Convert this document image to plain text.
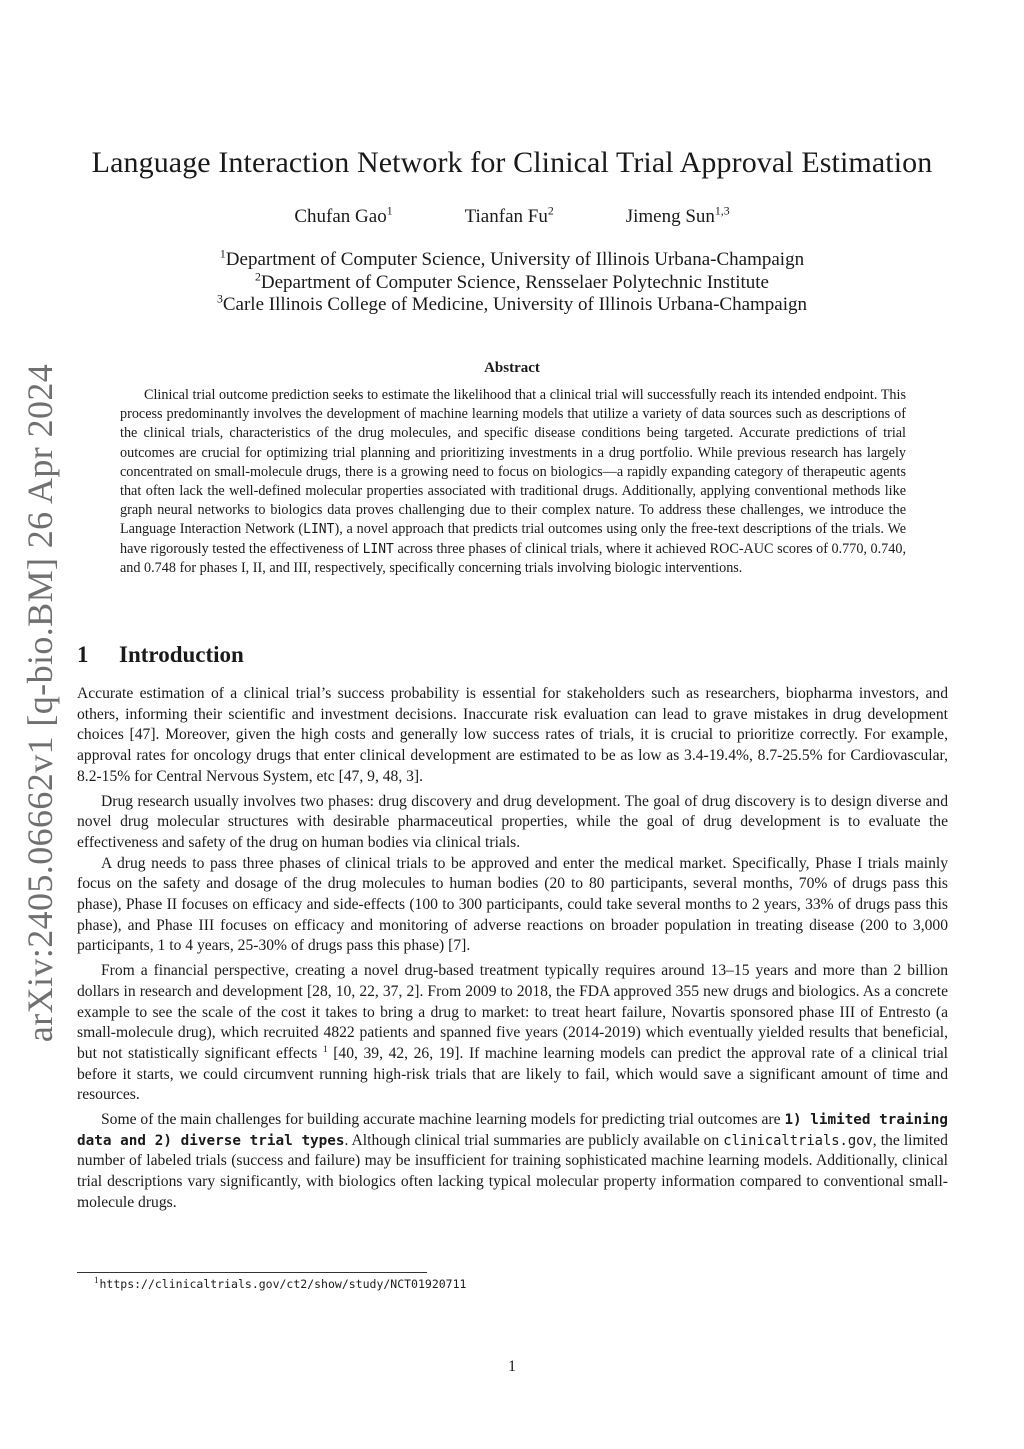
arXiv:2405.06662v1 [q-bio.BM] 26 Apr 2024
Language Interaction Network for Clinical Trial Approval Estimation
Chufan Gao$^1$	Tianfan Fu$^2$	Jimeng Sun$^{1,3}$
$^1$Department of Computer Science, University of Illinois Urbana-Champaign
$^2$Department of Computer Science, Rensselaer Polytechnic Institute
$^3$Carle Illinois College of Medicine, University of Illinois Urbana-Champaign
Abstract

Clinical trial outcome prediction seeks to estimate the likelihood that a clinical trial will successfully reach its intended endpoint. This process predominantly involves the development of machine learning models that utilize a variety of data sources such as descriptions of the clinical trials, characteristics of the drug molecules, and specific disease conditions being targeted. Accurate predictions of trial outcomes are crucial for optimizing trial planning and prioritizing investments in a drug portfolio. While previous research has largely concentrated on small-molecule drugs, there is a growing need to focus on biologics—a rapidly expanding category of therapeutic agents that often lack the well-defined molecular properties associated with traditional drugs. Additionally, applying conventional methods like graph neural networks to biologics data proves challenging due to their complex nature. To address these challenges, we introduce the Language Interaction Network (LINT), a novel approach that predicts trial outcomes using only the free-text descriptions of the trials. We have rigorously tested the effectiveness of LINT across three phases of clinical trials, where it achieved ROC-AUC scores of 0.770, 0.740, and 0.748 for phases I, II, and III, respectively, specifically concerning trials involving biologic interventions.

1 Introduction

Accurate estimation of a clinical trial’s success probability is essential for stakeholders such as researchers, biopharma investors, and others, informing their scientific and investment decisions. Inaccurate risk evaluation can lead to grave mistakes in drug development choices [47]. Moreover, given the high costs and generally low success rates of trials, it is crucial to prioritize correctly. For example, approval rates for oncology drugs that enter clinical development are estimated to be as low as 3.4-19.4%, 8.7-25.5% for Cardiovascular, 8.2-15% for Central Nervous System, etc [47, 9, 48, 3].

Drug research usually involves two phases: drug discovery and drug development. The goal of drug discovery is to design diverse and novel drug molecular structures with desirable pharmaceutical properties, while the goal of drug development is to evaluate the effectiveness and safety of the drug on human bodies via clinical trials.

A drug needs to pass three phases of clinical trials to be approved and enter the medical market. Specifically, Phase I trials mainly focus on the safety and dosage of the drug molecules to human bodies (20 to 80 participants, several months, 70% of drugs pass this phase), Phase II focuses on efficacy and side-effects (100 to 300 participants, could take several months to 2 years, 33% of drugs pass this phase), and Phase III focuses on efficacy and monitoring of adverse reactions on broader population in treating disease (200 to 3,000 participants, 1 to 4 years, 25-30% of drugs pass this phase) [7].

From a financial perspective, creating a novel drug-based treatment typically requires around 13–15 years and more than 2 billion dollars in research and development [28, 10, 22, 37, 2]. From 2009 to 2018, the FDA approved 355 new drugs and biologics. As a concrete example to see the scale of the cost it takes to bring a drug to market: to treat heart failure, Novartis sponsored phase III of Entresto (a small-molecule drug), which recruited 4822 patients and spanned five years (2014-2019) which eventually yielded results that beneficial, but not statistically significant effects $^1$ [40, 39, 42, 26, 19]. If machine learning models can predict the approval rate of a clinical trial before it starts, we could circumvent running high-risk trials that are likely to fail, which would save a significant amount of time and resources.

Some of the main challenges for building accurate machine learning models for predicting trial outcomes are 1) limited training data and 2) diverse trial types. Although clinical trial summaries are publicly available on clinicaltrials.gov, the limited number of labeled trials (success and failure) may be insufficient for training sophisticated machine learning models. Additionally, clinical trial descriptions vary significantly, with biologics often lacking typical molecular property information compared to conventional small-molecule drugs.

$^1$https://clinicaltrials.gov/ct2/show/study/NCT01920711
1
